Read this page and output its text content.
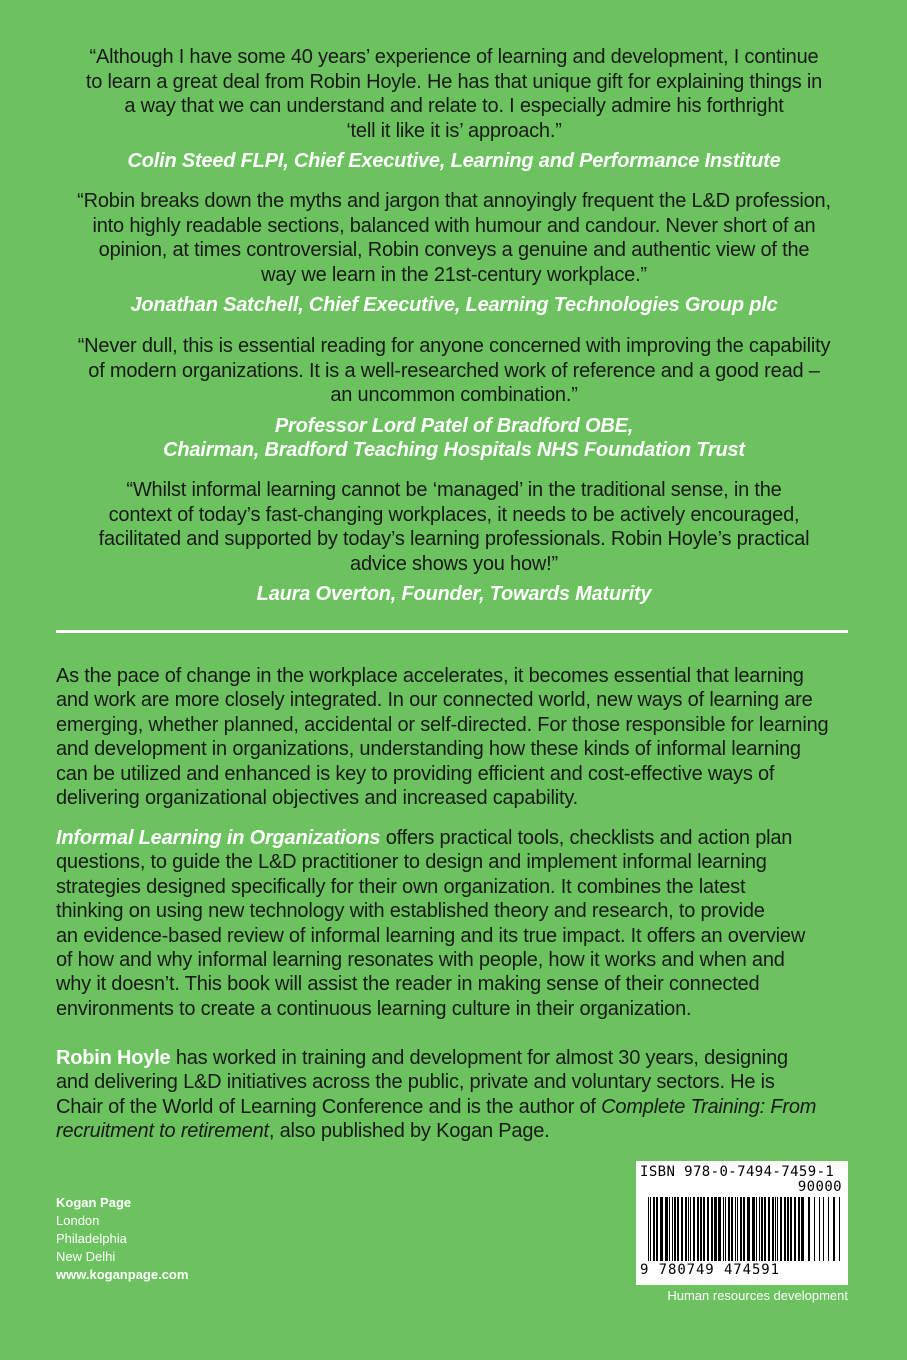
“Although I have some 40 years’ experience of learning and development, I continue
to learn a great deal from Robin Hoyle. He has that unique gift for explaining things in
a way that we can understand and relate to. I especially admire his forthright
‘tell it like it is’ approach.”

Colin Steed FLPI, Chief Executive, Learning and Performance Institute

“Robin breaks down the myths and jargon that annoyingly frequent the L&D profession,
into highly readable sections, balanced with humour and candour. Never short of an
opinion, at times controversial, Robin conveys a genuine and authentic view of the
way we learn in the 21st-century workplace.”

Jonathan Satchell, Chief Executive, Learning Technologies Group plc

“Never dull, this is essential reading for anyone concerned with improving the capability
of modern organizations. It is a well-researched work of reference and a good read –
an uncommon combination.”

Professor Lord Patel of Bradford OBE,
Chairman, Bradford Teaching Hospitals NHS Foundation Trust

“Whilst informal learning cannot be ‘managed’ in the traditional sense, in the
context of today’s fast-changing workplaces, it needs to be actively encouraged,
facilitated and supported by today’s learning professionals. Robin Hoyle’s practical
advice shows you how!”

Laura Overton, Founder, Towards Maturity

As the pace of change in the workplace accelerates, it becomes essential that learning
and work are more closely integrated. In our connected world, new ways of learning are
emerging, whether planned, accidental or self-directed. For those responsible for learning
and development in organizations, understanding how these kinds of informal learning
can be utilized and enhanced is key to providing efficient and cost-effective ways of
delivering organizational objectives and increased capability.

Informal Learning in Organizations offers practical tools, checklists and action plan
questions, to guide the L&D practitioner to design and implement informal learning
strategies designed specifically for their own organization. It combines the latest
thinking on using new technology with established theory and research, to provide
an evidence-based review of informal learning and its true impact. It offers an overview
of how and why informal learning resonates with people, how it works and when and
why it doesn’t. This book will assist the reader in making sense of their connected
environments to create a continuous learning culture in their organization.

Robin Hoyle has worked in training and development for almost 30 years, designing
and delivering L&D initiatives across the public, private and voluntary sectors. He is
Chair of the World of Learning Conference and is the author of Complete Training: From
recruitment to retirement, also published by Kogan Page.

Kogan Page
London
Philadelphia
New Delhi
www.koganpage.com
ISBN 978-0-7494-7459-1
90000
9 780749 474591
Human resources development
